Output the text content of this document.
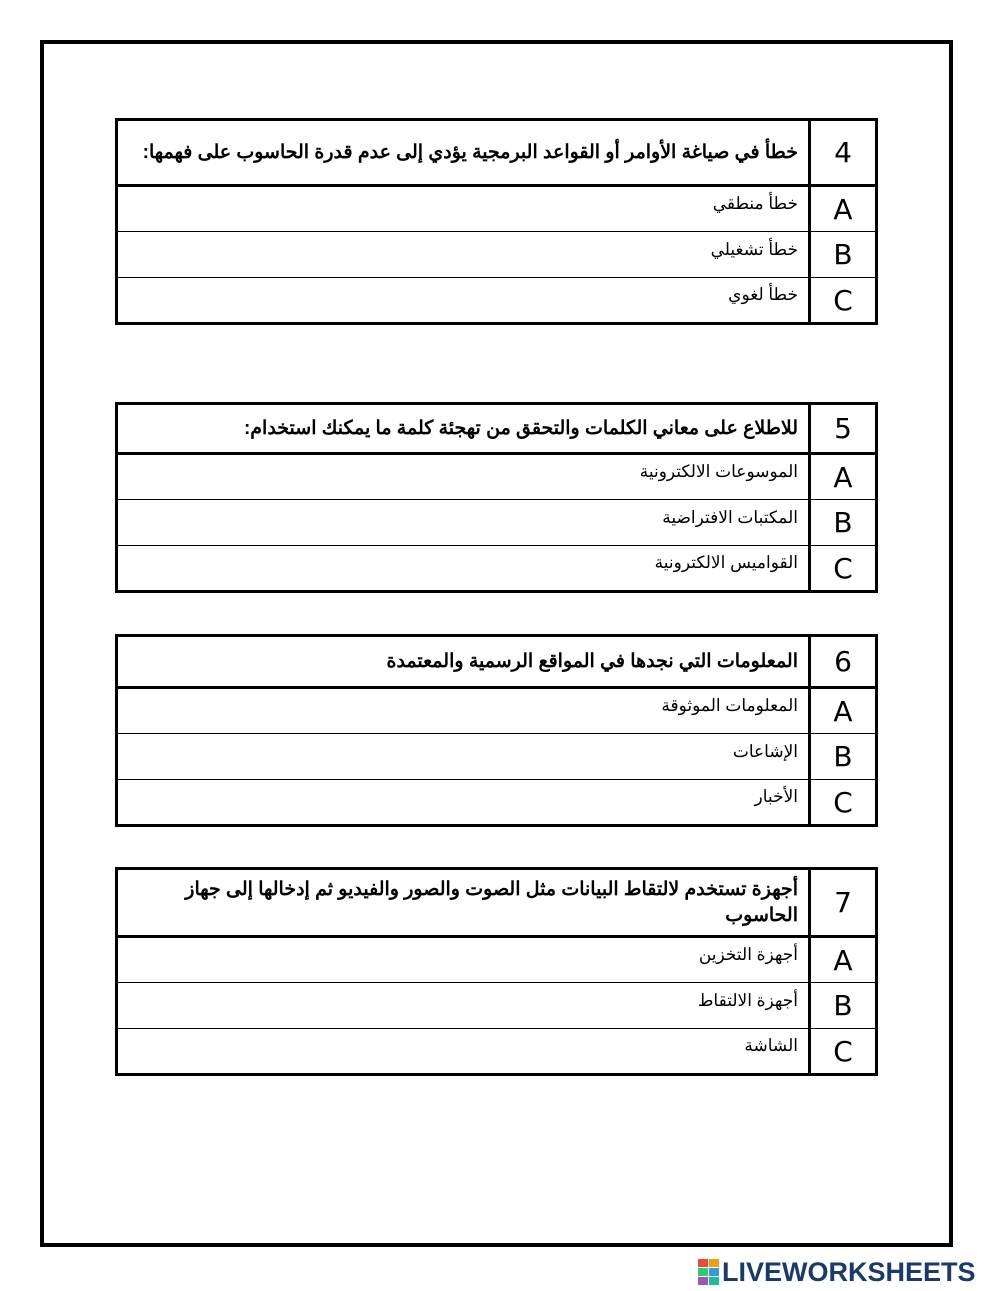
4	خطأ في صياغة الأوامر أو القواعد البرمجية يؤدي إلى عدم قدرة الحاسوب على فهمها:
A	خطأ منطقي
B	خطأ تشغيلي
C	خطأ لغوي
5	للاطلاع على معاني الكلمات والتحقق من تهجئة كلمة ما يمكنك استخدام:
A	الموسوعات الالكترونية
B	المكتبات الافتراضية
C	القواميس الالكترونية
6	المعلومات التي نجدها في المواقع الرسمية والمعتمدة
A	المعلومات الموثوقة
B	الإشاعات
C	الأخبار
7	أجهزة تستخدم لالتقاط البيانات مثل الصوت والصور والفيديو ثم إدخالها إلى جهاز الحاسوب
A	أجهزة التخزين
B	أجهزة الالتقاط
C	الشاشة
LIVEWORKSHEETS
